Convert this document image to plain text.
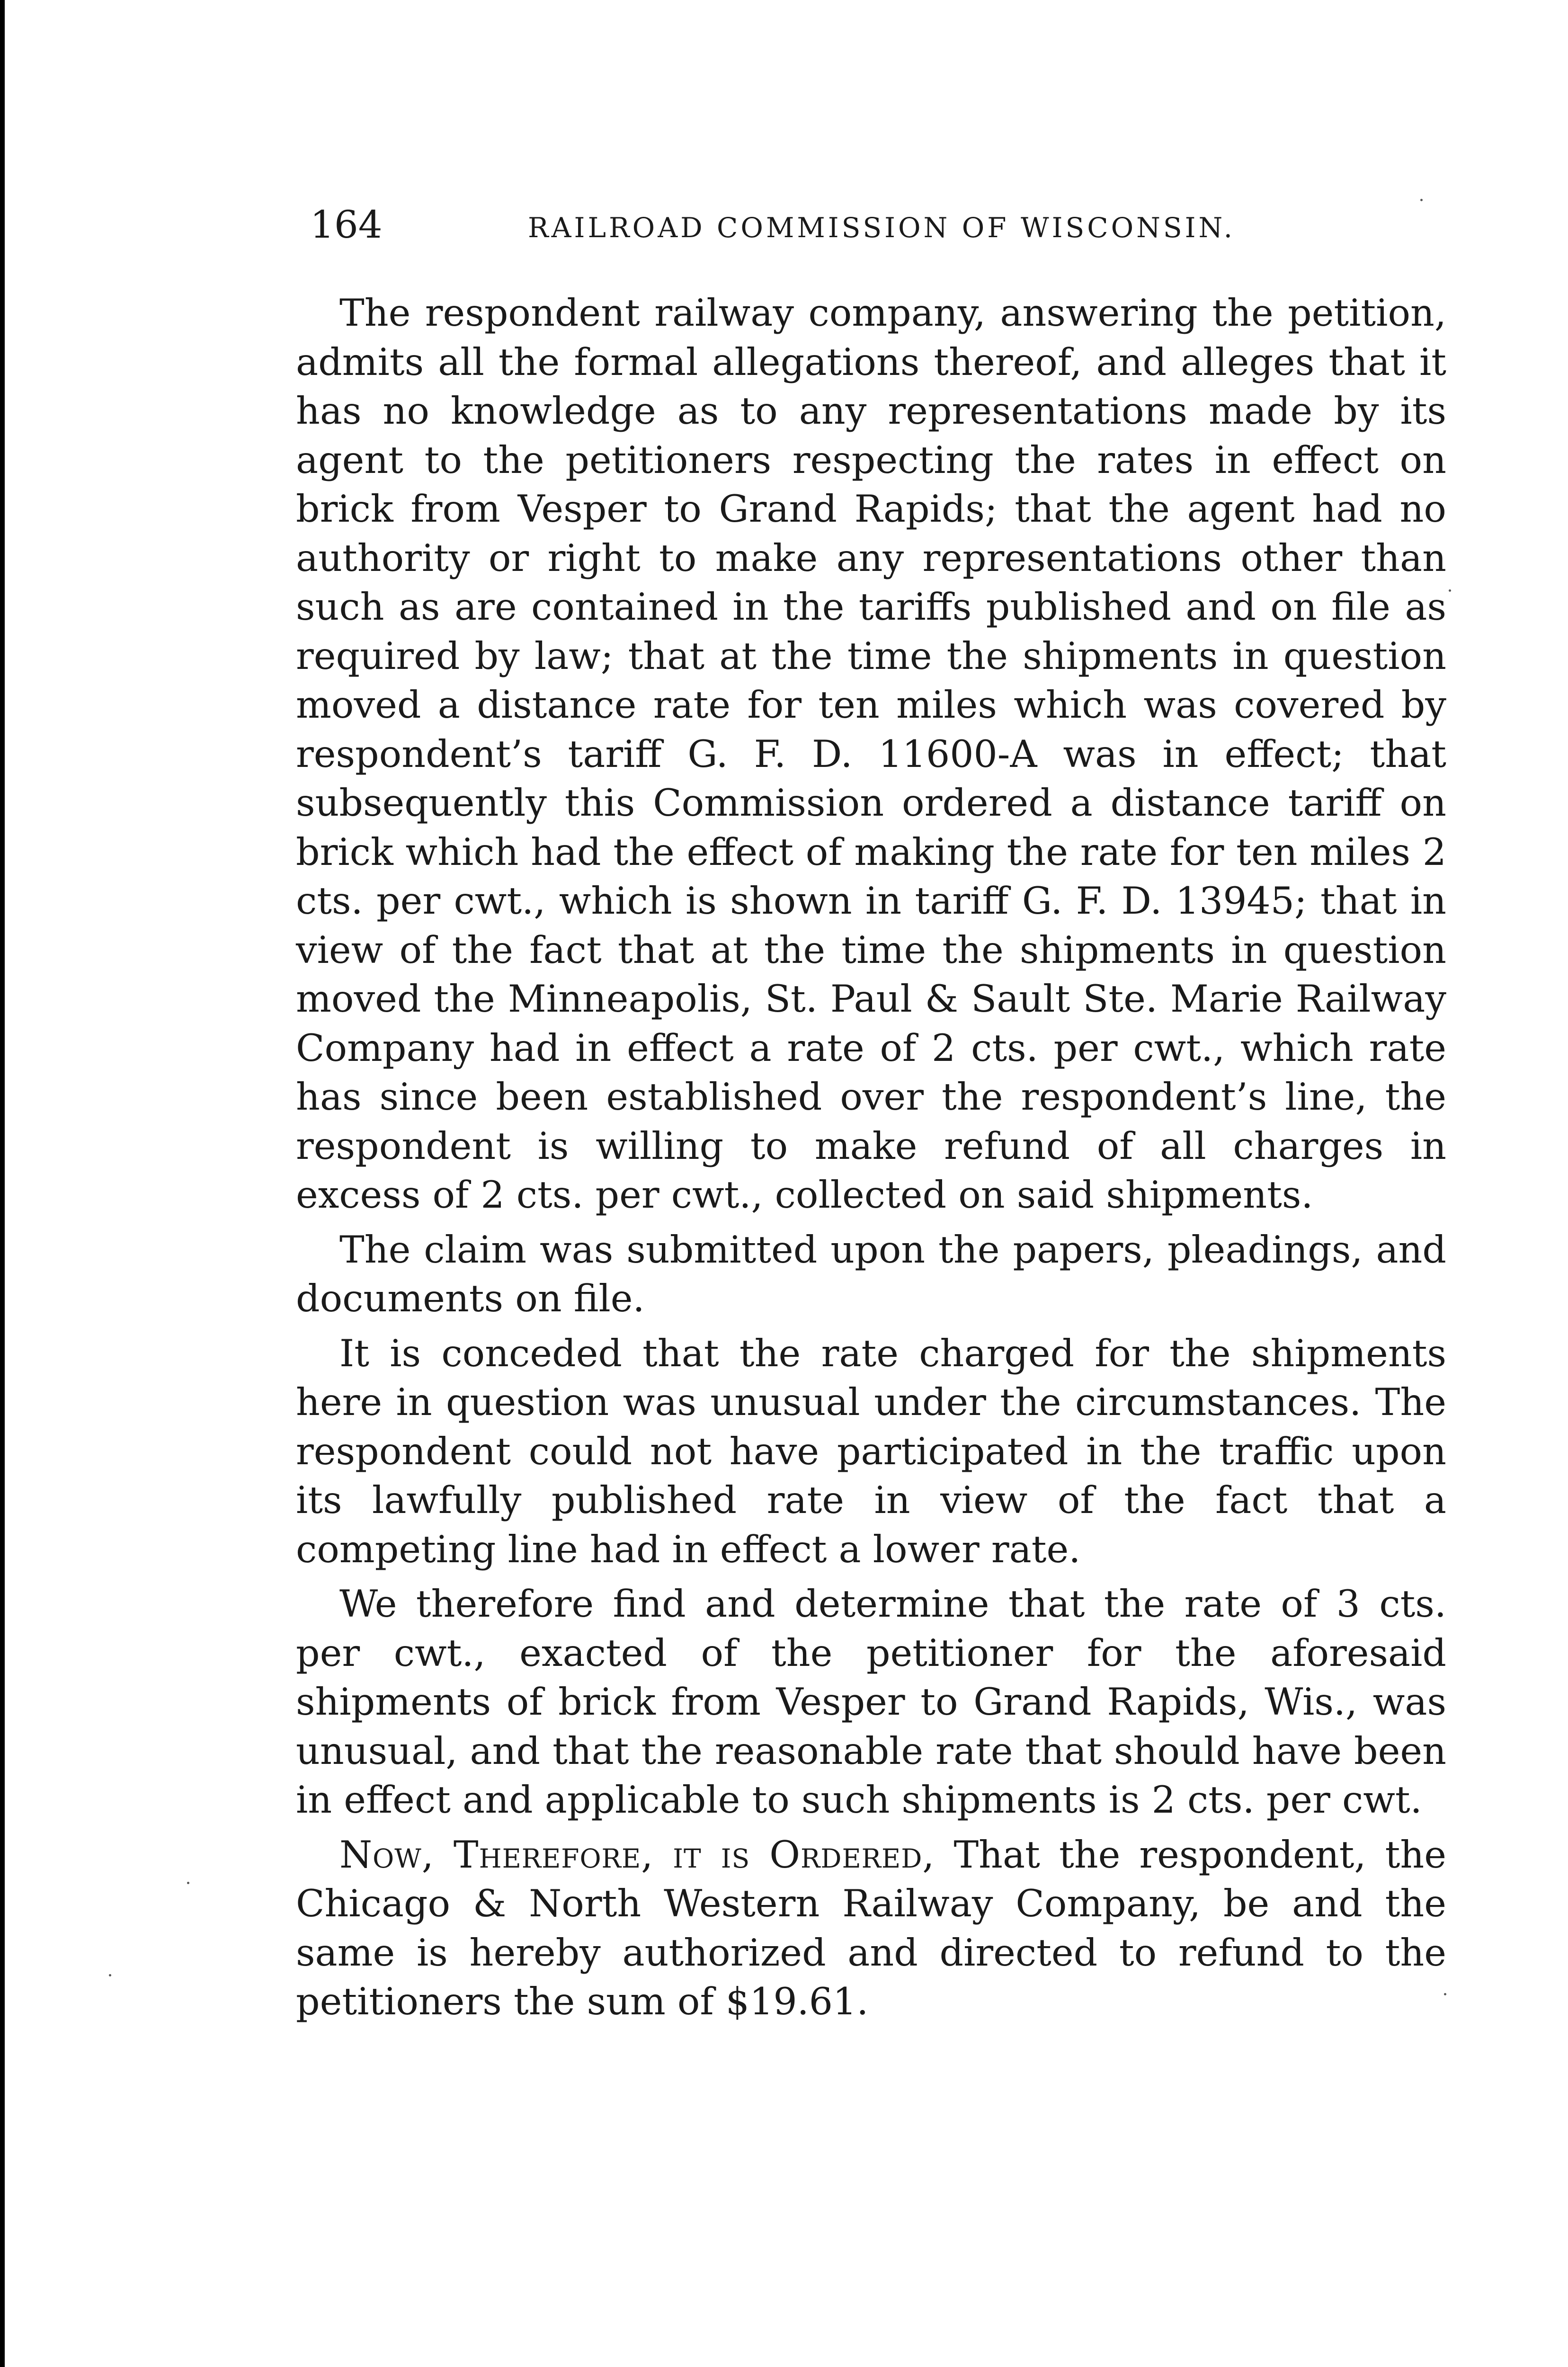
164	RAILROAD COMMISSION OF WISCONSIN.

The respondent railway company, answering the petition, admits all the formal allegations thereof, and alleges that it has no knowledge as to any representations made by its agent to the petitioners respecting the rates in effect on brick from Vesper to Grand Rapids; that the agent had no authority or right to make any representations other than such as are contained in the tariffs published and on file as required by law; that at the time the shipments in question moved a distance rate for ten miles which was covered by respondent’s tariff G. F. D. 11600-A was in effect; that subsequently this Commission ordered a distance tariff on brick which had the effect of making the rate for ten miles 2 cts. per cwt., which is shown in tariff G. F. D. 13945; that in view of the fact that at the time the shipments in question moved the Minneapolis, St. Paul & Sault Ste. Marie Railway Company had in effect a rate of 2 cts. per cwt., which rate has since been established over the respondent’s line, the respondent is willing to make refund of all charges in excess of 2 cts. per cwt., collected on said shipments.

The claim was submitted upon the papers, pleadings, and documents on file.

It is conceded that the rate charged for the shipments here in question was unusual under the circumstances. The respondent could not have participated in the traffic upon its lawfully published rate in view of the fact that a competing line had in effect a lower rate.

We therefore find and determine that the rate of 3 cts. per cwt., exacted of the petitioner for the aforesaid shipments of brick from Vesper to Grand Rapids, Wis., was unusual, and that the reasonable rate that should have been in effect and applicable to such shipments is 2 cts. per cwt.

Now, Therefore, it is Ordered, That the respondent, the Chicago & North Western Railway Company, be and the same is hereby authorized and directed to refund to the petitioners the sum of $19.61.
